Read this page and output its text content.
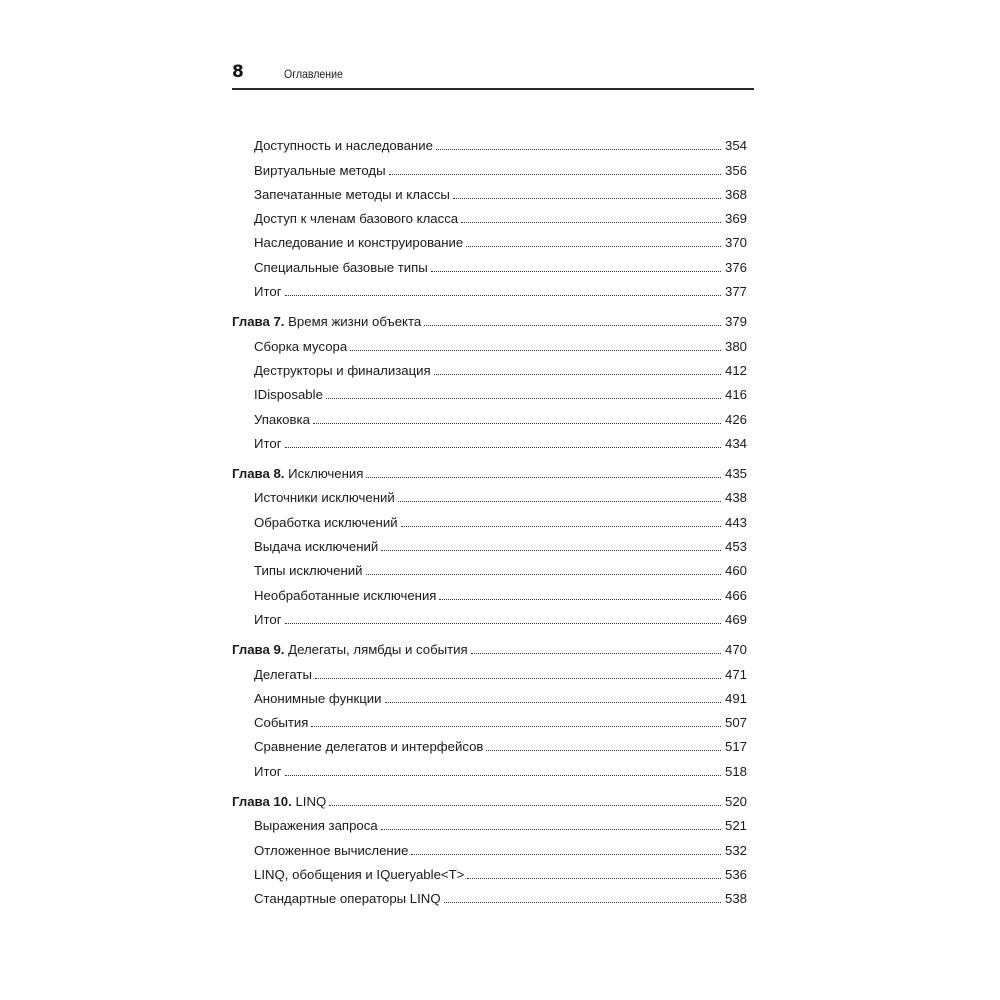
8	Оглавление
Доступность и наследование	354
Виртуальные методы	356
Запечатанные методы и классы	368
Доступ к членам базового класса	369
Наследование и конструирование	370
Специальные базовые типы	376
Итог	377
Глава 7. Время жизни объекта	379
Сборка мусора	380
Деструкторы и финализация	412
IDisposable	416
Упаковка	426
Итог	434
Глава 8. Исключения	435
Источники исключений	438
Обработка исключений	443
Выдача исключений	453
Типы исключений	460
Необработанные исключения	466
Итог	469
Глава 9. Делегаты, лямбды и события	470
Делегаты	471
Анонимные функции	491
События	507
Сравнение делегатов и интерфейсов	517
Итог	518
Глава 10. LINQ	520
Выражения запроса	521
Отложенное вычисление	532
LINQ, обобщения и IQueryable<T>	536
Стандартные операторы LINQ	538
